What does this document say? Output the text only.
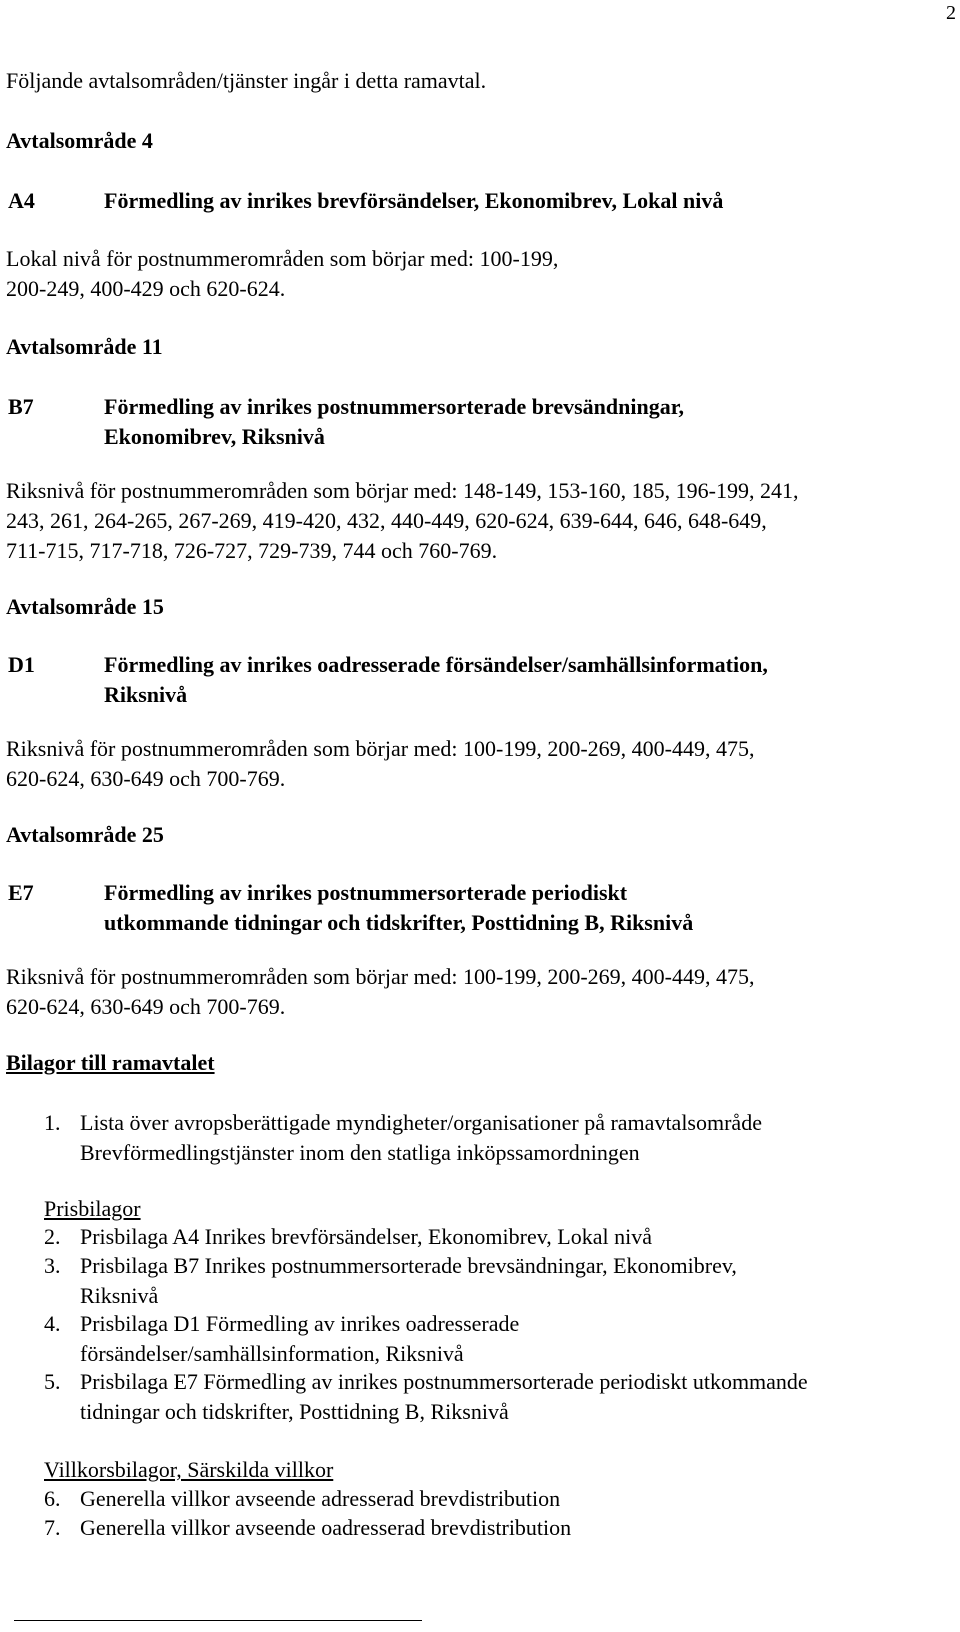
2

Följande avtalsområden/tjänster ingår i detta ramavtal.

Avtalsområde 4

A4	Förmedling av inrikes brevförsändelser, Ekonomibrev, Lokal nivå

Lokal nivå för postnummerområden som börjar med: 100-199,
200-249, 400-429 och 620-624.

Avtalsområde 11

B7	Förmedling av inrikes postnummersorterade brevsändningar,
Ekonomibrev, Riksnivå

Riksnivå för postnummerområden som börjar med: 148-149, 153-160, 185, 196-199, 241,
243, 261, 264-265, 267-269, 419-420, 432, 440-449, 620-624, 639-644, 646, 648-649,
711-715, 717-718, 726-727, 729-739, 744 och 760-769.

Avtalsområde 15

D1	Förmedling av inrikes oadresserade försändelser/samhällsinformation,
Riksnivå

Riksnivå för postnummerområden som börjar med: 100-199, 200-269, 400-449, 475,
620-624, 630-649 och 700-769.

Avtalsområde 25

E7	Förmedling av inrikes postnummersorterade periodiskt
utkommande tidningar och tidskrifter, Posttidning B, Riksnivå

Riksnivå för postnummerområden som börjar med: 100-199, 200-269, 400-449, 475,
620-624, 630-649 och 700-769.

Bilagor till ramavtalet

1. Lista över avropsberättigade myndigheter/organisationer på ramavtalsområde
Brevförmedlingstjänster inom den statliga inköpssamordningen

Prisbilagor

2. Prisbilaga A4 Inrikes brevförsändelser, Ekonomibrev, Lokal nivå
3. Prisbilaga B7 Inrikes postnummersorterade brevsändningar, Ekonomibrev,
Riksnivå
4. Prisbilaga D1 Förmedling av inrikes oadresserade
försändelser/samhällsinformation, Riksnivå
5. Prisbilaga E7 Förmedling av inrikes postnummersorterade periodiskt utkommande
tidningar och tidskrifter, Posttidning B, Riksnivå

Villkorsbilagor, Särskilda villkor

6. Generella villkor avseende adresserad brevdistribution
7. Generella villkor avseende oadresserad brevdistribution
